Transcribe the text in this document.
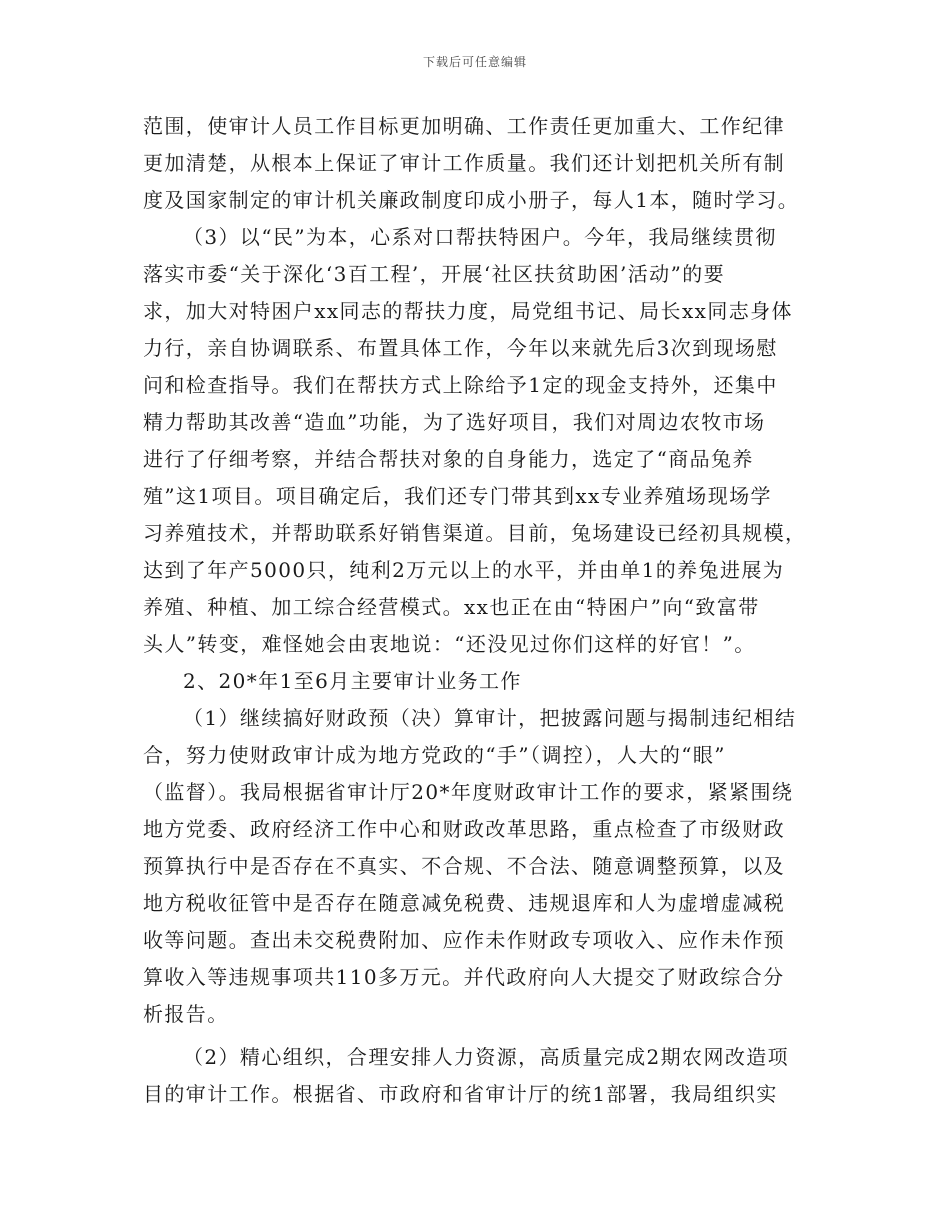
下载后可任意编辑
范围，使审计人员工作目标更加明确、工作责任更加重大、工作纪律
更加清楚，从根本上保证了审计工作质量。我们还计划把机关所有制
度及国家制定的审计机关廉政制度印成小册子，每人1本，随时学习。
（3）以“民”为本，心系对口帮扶特困户。今年，我局继续贯彻
落实市委“关于深化‘3百工程’，开展‘社区扶贫助困’活动”的要
求，加大对特困户xx同志的帮扶力度，局党组书记、局长xx同志身体
力行，亲自协调联系、布置具体工作，今年以来就先后3次到现场慰
问和检查指导。我们在帮扶方式上除给予1定的现金支持外，还集中
精力帮助其改善“造血”功能，为了选好项目，我们对周边农牧市场
进行了仔细考察，并结合帮扶对象的自身能力，选定了“商品兔养
殖”这1项目。项目确定后，我们还专门带其到xx专业养殖场现场学
习养殖技术，并帮助联系好销售渠道。目前，兔场建设已经初具规模，
达到了年产5000只，纯利2万元以上的水平，并由单1的养兔进展为
养殖、种植、加工综合经营模式。xx也正在由“特困户”向“致富带
头人”转变，难怪她会由衷地说：“还没见过你们这样的好官！”。
2、20*年1至6月主要审计业务工作
（1）继续搞好财政预（决）算审计，把披露问题与揭制违纪相结
合，努力使财政审计成为地方党政的“手”（调控），人大的“眼”
（监督）。我局根据省审计厅20*年度财政审计工作的要求，紧紧围绕
地方党委、政府经济工作中心和财政改革思路，重点检查了市级财政
预算执行中是否存在不真实、不合规、不合法、随意调整预算，以及
地方税收征管中是否存在随意减免税费、违规退库和人为虚增虚减税
收等问题。查出未交税费附加、应作未作财政专项收入、应作未作预
算收入等违规事项共110多万元。并代政府向人大提交了财政综合分
析报告。
（2）精心组织，合理安排人力资源，高质量完成2期农网改造项
目的审计工作。根据省、市政府和省审计厅的统1部署，我局组织实
